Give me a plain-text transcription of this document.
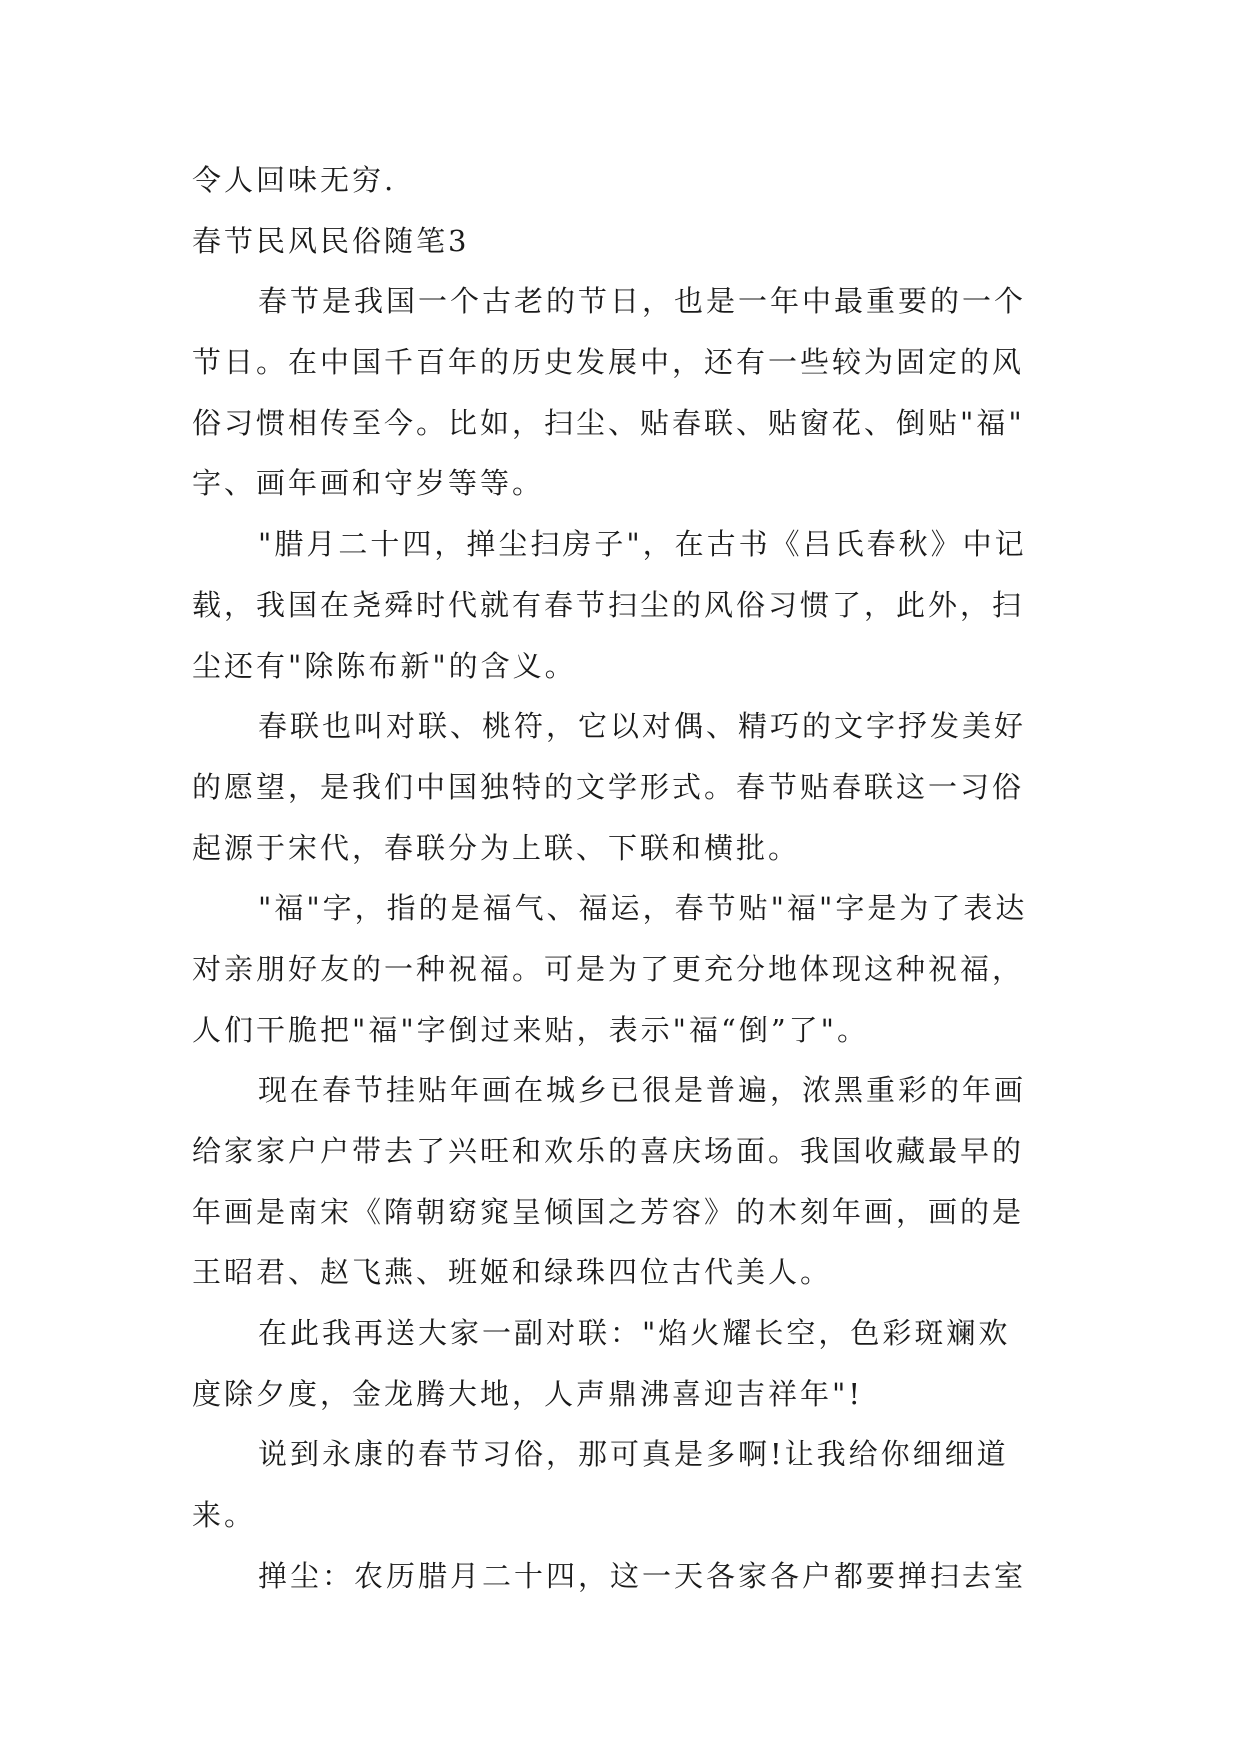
令人回味无穷.
春节民风民俗随笔3
春节是我国一个古老的节日，也是一年中最重要的一个
节日。在中国千百年的历史发展中，还有一些较为固定的风
俗习惯相传至今。比如，扫尘、贴春联、贴窗花、倒贴"福"
字、画年画和守岁等等。
"腊月二十四，掸尘扫房子"，在古书《吕氏春秋》中记
载，我国在尧舜时代就有春节扫尘的风俗习惯了，此外，扫
尘还有"除陈布新"的含义。
春联也叫对联、桃符，它以对偶、精巧的文字抒发美好
的愿望，是我们中国独特的文学形式。春节贴春联这一习俗
起源于宋代，春联分为上联、下联和横批。
"福"字，指的是福气、福运，春节贴"福"字是为了表达
对亲朋好友的一种祝福。可是为了更充分地体现这种祝福，
人们干脆把"福"字倒过来贴，表示"福“倒”了"。
现在春节挂贴年画在城乡已很是普遍，浓黑重彩的年画
给家家户户带去了兴旺和欢乐的喜庆场面。我国收藏最早的
年画是南宋《隋朝窈窕呈倾国之芳容》的木刻年画，画的是
王昭君、赵飞燕、班姬和绿珠四位古代美人。
在此我再送大家一副对联："焰火耀长空，色彩斑斓欢
度除夕度，金龙腾大地，人声鼎沸喜迎吉祥年"!
说到永康的春节习俗，那可真是多啊!让我给你细细道
来。
掸尘：农历腊月二十四，这一天各家各户都要掸扫去室
